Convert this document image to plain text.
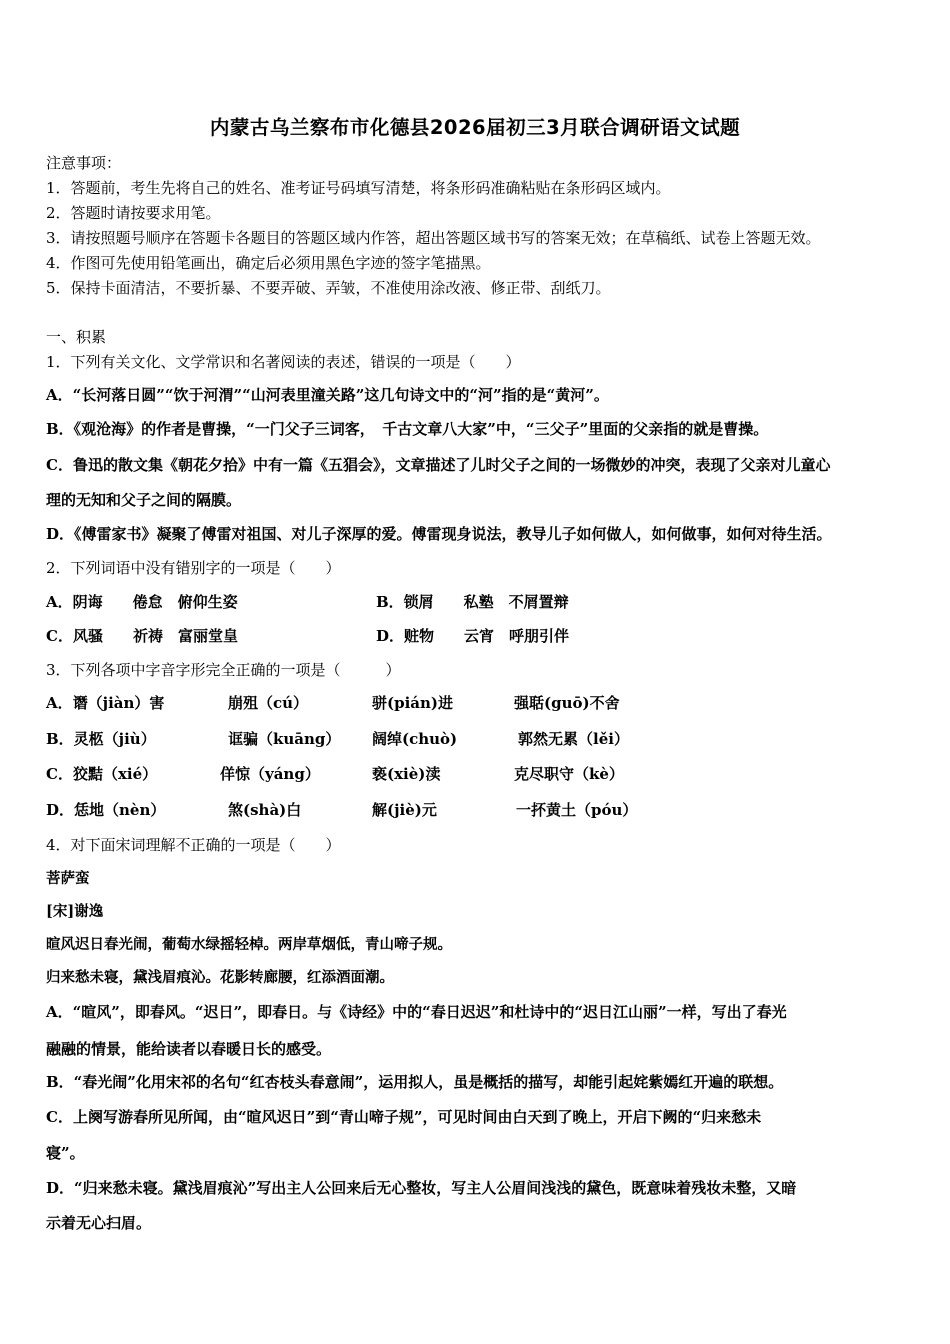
内蒙古乌兰察布市化德县2026届初三3月联合调研语文试题
注意事项：
1．答题前，考生先将自己的姓名、准考证号码填写清楚，将条形码准确粘贴在条形码区域内。
2．答题时请按要求用笔。
3．请按照题号顺序在答题卡各题目的答题区域内作答，超出答题区域书写的答案无效；在草稿纸、试卷上答题无效。
4．作图可先使用铅笔画出，确定后必须用黑色字迹的签字笔描黑。
5．保持卡面清洁，不要折暴、不要弄破、弄皱，不准使用涂改液、修正带、刮纸刀。
一、积累
1．下列有关文化、文学常识和名著阅读的表述，错误的一项是（　　）
A．“长河落日圆”“饮于河渭”“山河表里潼关路”这几句诗文中的“河”指的是“黄河”。
B．《观沧海》的作者是曹操，“一门父子三词客，　千古文章八大家”中，“三父子”里面的父亲指的就是曹操。
C．鲁迅的散文集《朝花夕拾》中有一篇《五猖会》，文章描述了儿时父子之间的一场微妙的冲突，表现了父亲对儿童心
理的无知和父子之间的隔膜。
D．《傅雷家书》凝聚了傅雷对祖国、对儿子深厚的爱。傅雷现身说法，教导儿子如何做人，如何做事，如何对待生活。
2．下列词语中没有错别字的一项是（　　）
A．阴诲　　倦怠　俯仰生姿	B．锁屑　　私塾　不屑置辩
C．风骚　　祈祷　富丽堂皇	D．赃物　　云宵　呼朋引伴
3．下列各项中字音字形完全正确的一项是（　　　）
A．谮（jiàn）害	崩殂（cú）	骈(pián)进	强聒(guō)不舍
B．灵柩（jiù）	诓骗（kuāng） 阔绰(chuò)	郭然无累（lěi）
C．狡黠（xié）	佯惊（yáng）	亵(xiè)渎	克尽职守（kè）
D．恁地（nèn）	煞(shà)白	解(jiè)元	一抔黄土（póu）
4．对下面宋词理解不正确的一项是（　　）
菩萨蛮
[宋]谢逸
暄风迟日春光闹，葡萄水绿摇轻棹。两岸草烟低，青山啼子规。
归来愁未寝，黛浅眉痕沁。花影转廊腰，红添酒面潮。
A．“暄风”，即春风。“迟日”，即春日。与《诗经》中的“春日迟迟”和杜诗中的“迟日江山丽”一样，写出了春光
融融的情景，能给读者以春暖日长的感受。
B．“春光闹”化用宋祁的名句“红杏枝头春意闹”，运用拟人，虽是概括的描写，却能引起姹紫嫣红开遍的联想。
C．上阕写游春所见所闻，由“暄风迟日”到“青山啼子规”，可见时间由白天到了晚上，开启下阙的“归来愁未
寝”。
D．“归来愁未寝。黛浅眉痕沁”写出主人公回来后无心整妆，写主人公眉间浅浅的黛色，既意味着残妆未整，又暗
示着无心扫眉。
